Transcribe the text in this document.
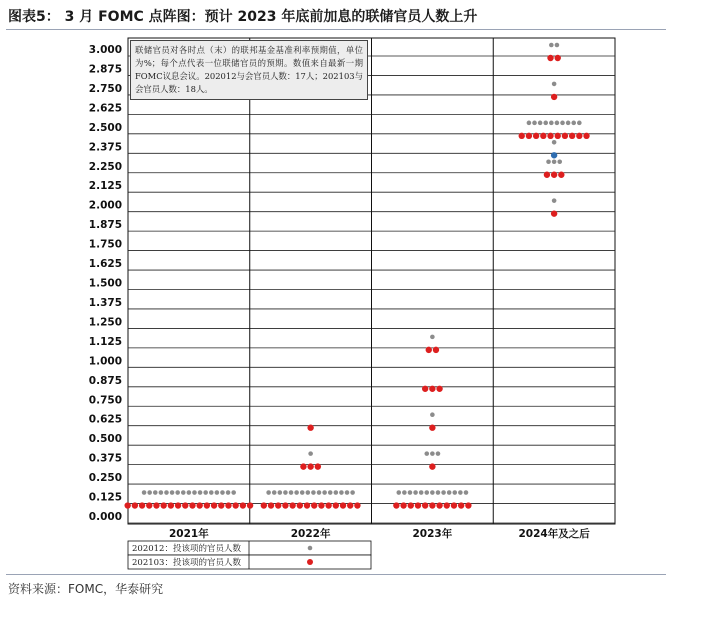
图表5： 3 月 FOMC 点阵图：预计 2023 年底前加息的联储官员人数上升
3.000
2.875
2.750
2.625
2.500
2.375
2.250
2.125
2.000
1.875
1.750
1.625
1.500
1.375
1.250
1.125
1.000
0.875
0.750
0.625
0.500
0.375
0.250
0.125
0.000
2021年	2022年	2023年	2024年及之后
202012：投该项的官员人数
202103：投该项的官员人数
联储官员对各时点（末）的联邦基金基准利率预期值，单位为%；每个点代表一位联储官员的预期。数值来自最新一期FOMC议息会议。202012与会官员人数：17人；202103与会官员人数：18人。
资料来源：FOMC，华泰研究
